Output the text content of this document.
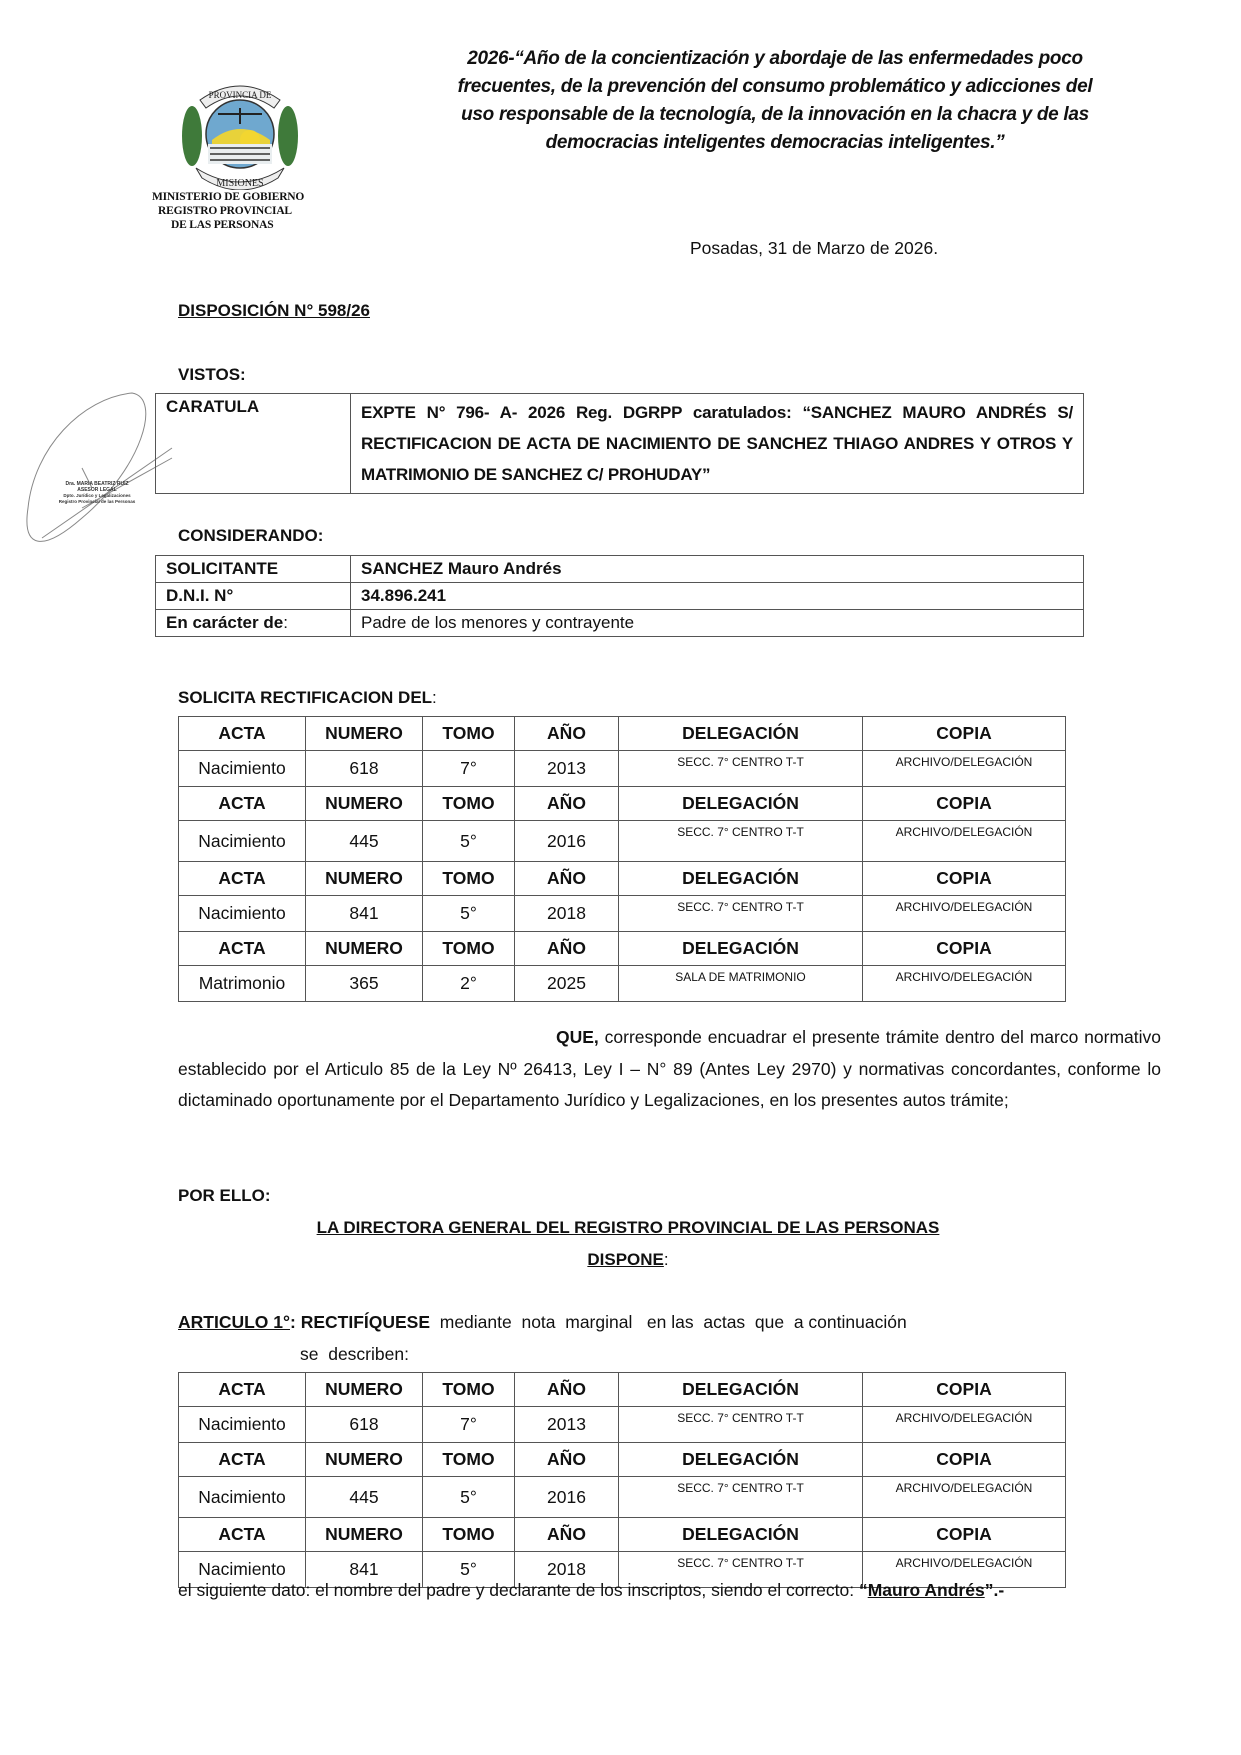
PROVINCIA DE
MISIONES
MINISTERIO DE GOBIERNO
REGISTRO PROVINCIAL
DE LAS PERSONAS
2026-“Año de la concientización y abordaje de las enfermedades poco frecuentes, de la prevención del consumo problemático y adicciones del uso responsable de la tecnología, de la innovación en la chacra y de las democracias inteligentes democracias inteligentes.”
Posadas, 31 de Marzo de 2026.
DISPOSICIÓN N° 598/26
Dra. MARIA BEATRIZ RUIZ
ASESOR LEGAL
Dpto. Jurídico y Legalizaciones
Registro Provincial de las Personas
VISTOS:
CARATULA	EXPTE N° 796- A- 2026 Reg. DGRPP caratulados: “SANCHEZ MAURO ANDRÉS S/ RECTIFICACION DE ACTA DE NACIMIENTO DE SANCHEZ THIAGO ANDRES Y OTROS Y MATRIMONIO DE SANCHEZ C/ PROHUDAY”
CONSIDERANDO:
SOLICITANTE	SANCHEZ Mauro Andrés
D.N.I. N°	34.896.241
En carácter de:	Padre de los menores y contrayente
SOLICITA RECTIFICACION DEL:
ACTA	NUMERO	TOMO	AÑO	DELEGACIÓN	COPIA
Nacimiento	618	7°	2013	SECC. 7° CENTRO T-T	ARCHIVO/DELEGACIÓN
ACTA	NUMERO	TOMO	AÑO	DELEGACIÓN	COPIA
Nacimiento	445	5°	2016	SECC. 7° CENTRO T-T	ARCHIVO/DELEGACIÓN
ACTA	NUMERO	TOMO	AÑO	DELEGACIÓN	COPIA
Nacimiento	841	5°	2018	SECC. 7° CENTRO T-T	ARCHIVO/DELEGACIÓN
ACTA	NUMERO	TOMO	AÑO	DELEGACIÓN	COPIA
Matrimonio	365	2°	2025	SALA DE MATRIMONIO	ARCHIVO/DELEGACIÓN
QUE, corresponde encuadrar el presente trámite dentro del marco normativo establecido por el Articulo 85 de la Ley Nº 26413, Ley I – N° 89 (Antes Ley 2970) y normativas concordantes, conforme lo dictaminado oportunamente por el Departamento Jurídico y Legalizaciones, en los presentes autos trámite;
POR ELLO:
LA DIRECTORA GENERAL DEL REGISTRO PROVINCIAL DE LAS PERSONAS
DISPONE:
ARTICULO 1°: RECTIFÍQUESE  mediante  nota  marginal   en las  actas  que  a continuación
se  describen:
ACTA	NUMERO	TOMO	AÑO	DELEGACIÓN	COPIA
Nacimiento	618	7°	2013	SECC. 7° CENTRO T-T	ARCHIVO/DELEGACIÓN
ACTA	NUMERO	TOMO	AÑO	DELEGACIÓN	COPIA
Nacimiento	445	5°	2016	SECC. 7° CENTRO T-T	ARCHIVO/DELEGACIÓN
ACTA	NUMERO	TOMO	AÑO	DELEGACIÓN	COPIA
Nacimiento	841	5°	2018	SECC. 7° CENTRO T-T	ARCHIVO/DELEGACIÓN
el siguiente dato: el nombre del padre y declarante de los inscriptos, siendo el correcto: “Mauro Andrés”.-
